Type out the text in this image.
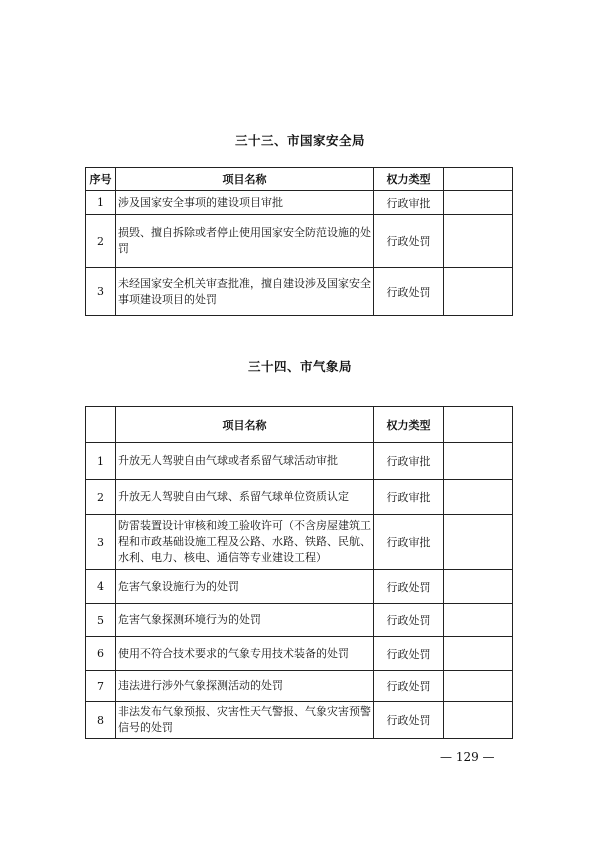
三十三、市国家安全局
序号	项目名称	权力类型	
1	涉及国家安全事项的建设项目审批	行政审批	
2	损毁、擅自拆除或者停止使用国家安全防范设施的处罚	行政处罚	
3	未经国家安全机关审查批准，擅自建设涉及国家安全事项建设项目的处罚	行政处罚	
三十四、市气象局
	项目名称	权力类型	
1	升放无人驾驶自由气球或者系留气球活动审批	行政审批	
2	升放无人驾驶自由气球、系留气球单位资质认定	行政审批	
3	防雷装置设计审核和竣工验收许可（不含房屋建筑工程和市政基础设施工程及公路、水路、铁路、民航、水利、电力、核电、通信等专业建设工程）	行政审批	
4	危害气象设施行为的处罚	行政处罚	
5	危害气象探测环境行为的处罚	行政处罚	
6	使用不符合技术要求的气象专用技术装备的处罚	行政处罚	
7	违法进行涉外气象探测活动的处罚	行政处罚	
8	非法发布气象预报、灾害性天气警报、气象灾害预警信号的处罚	行政处罚	
— 129 —
